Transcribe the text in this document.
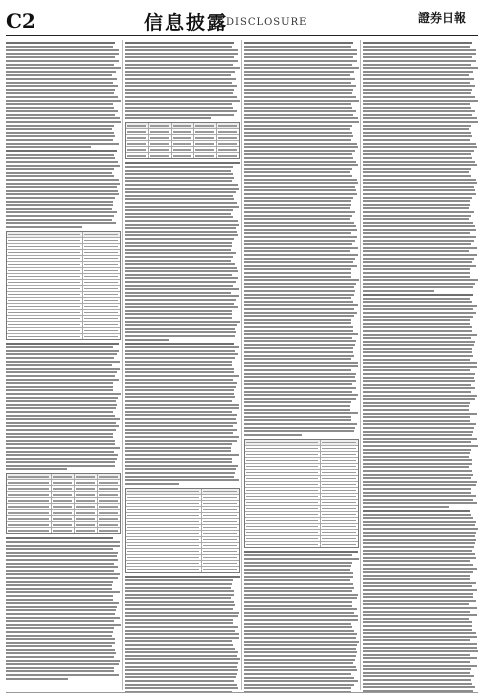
C2	信息披露
DISCLOSURE	證券日報
